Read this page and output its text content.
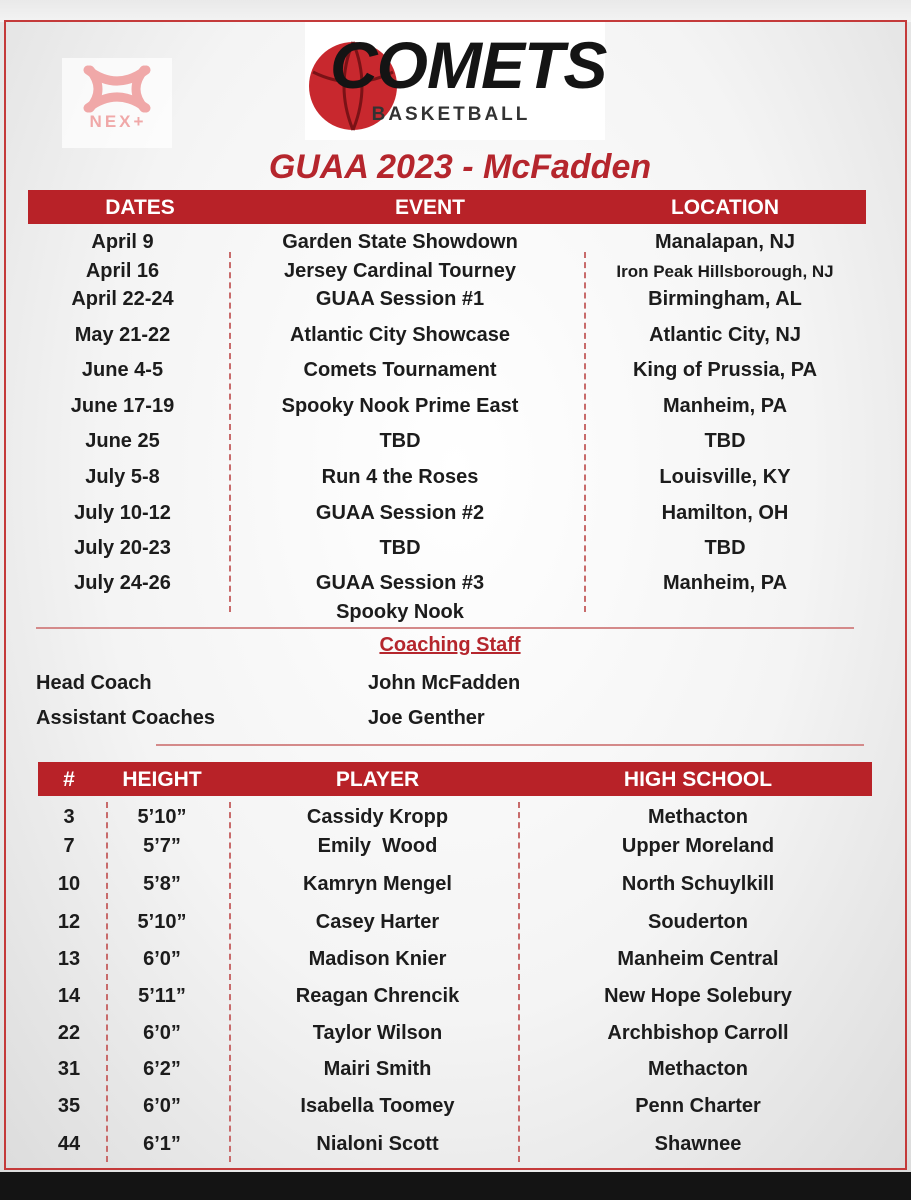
NEX+
COMETS
BASKETBALL
GUAA 2023 - McFadden
DATES	EVENT	LOCATION
April 9	Garden State Showdown	Manalapan, NJ
April 16	Jersey Cardinal Tourney	Iron Peak Hillsborough, NJ
April 22-24	GUAA Session #1	Birmingham, AL
May 21-22	Atlantic City Showcase	Atlantic City, NJ
June 4-5	Comets Tournament	King of Prussia, PA
June 17-19	Spooky Nook Prime East	Manheim, PA
June 25	TBD	TBD
July 5-8	Run 4 the Roses	Louisville, KY
July 10-12	GUAA Session #2	Hamilton, OH
July 20-23	TBD	TBD
July 24-26	GUAA Session #3	Manheim, PA
Spooky Nook
Coaching Staff
Head Coach	John McFadden
Assistant Coaches	Joe Genther
#	HEIGHT	PLAYER	HIGH SCHOOL
3	5’10”	Cassidy Kropp	Methacton
7	5’7”	Emily  Wood	Upper Moreland
10	5’8”	Kamryn Mengel	North Schuylkill
12	5’10”	Casey Harter	Souderton
13	6’0”	Madison Knier	Manheim Central
14	5’11”	Reagan Chrencik	New Hope Solebury
22	6’0”	Taylor Wilson	Archbishop Carroll
31	6’2”	Mairi Smith	Methacton
35	6’0”	Isabella Toomey	Penn Charter
44	6’1”	Nialoni Scott	Shawnee
